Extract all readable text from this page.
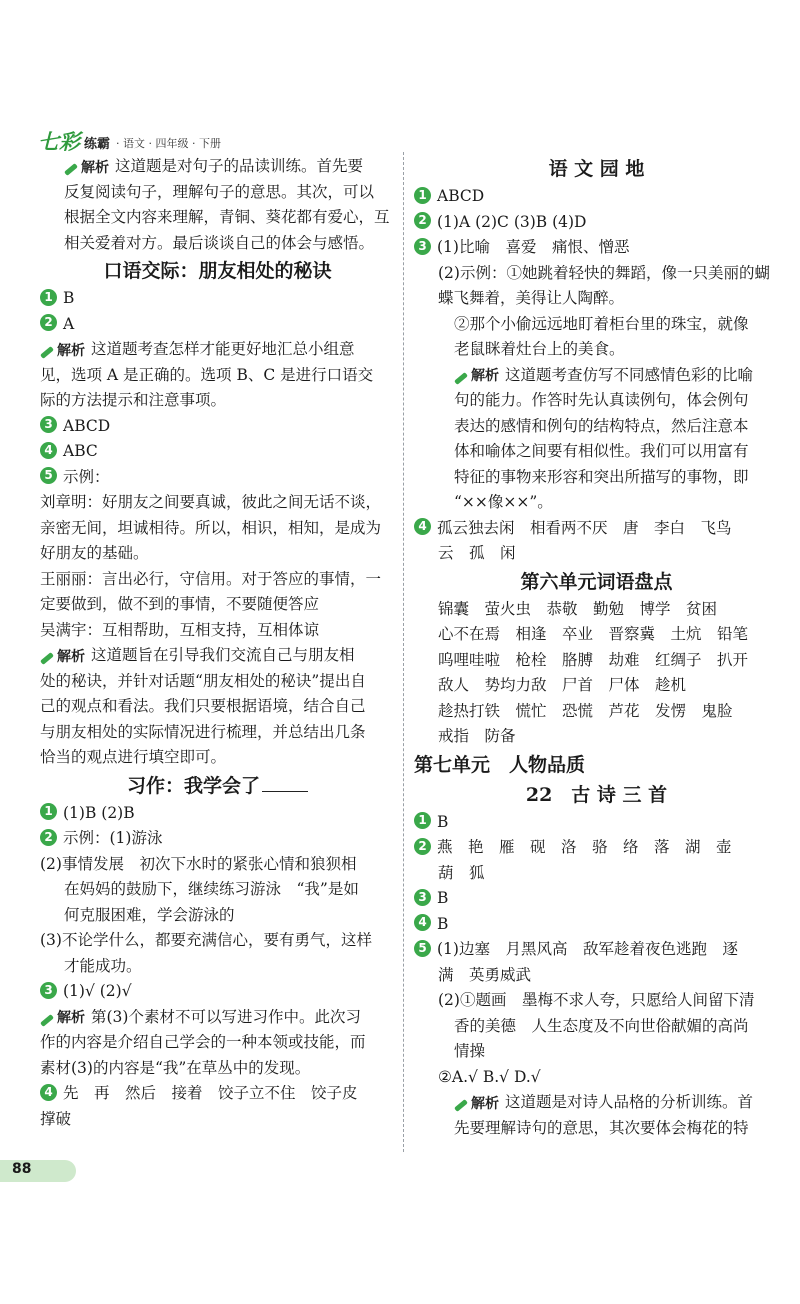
七彩 练霸 · 语文 · 四年级 · 下册
解析 这道题是对句子的品读训练。首先要
反复阅读句子，理解句子的意思。其次，可以
根据全文内容来理解，青铜、葵花都有爱心，互
相关爱着对方。最后谈谈自己的体会与感悟。
口语交际：朋友相处的秘诀
1 B
2 A
解析 这道题考查怎样才能更好地汇总小组意
见，选项 A 是正确的。选项 B、C 是进行口语交
际的方法提示和注意事项。
3 ABCD
4 ABC
5 示例：
刘章明：好朋友之间要真诚，彼此之间无话不谈，
亲密无间，坦诚相待。所以，相识，相知，是成为
好朋友的基础。
王丽丽：言出必行，守信用。对于答应的事情，一
定要做到，做不到的事情，不要随便答应
吴满宇：互相帮助，互相支持，互相体谅
解析 这道题旨在引导我们交流自己与朋友相
处的秘诀，并针对话题“朋友相处的秘诀”提出自
己的观点和看法。我们只要根据语境，结合自己
与朋友相处的实际情况进行梳理，并总结出几条
恰当的观点进行填空即可。
习作：我学会了
1 (1)B (2)B
2 示例：(1)游泳
(2)事情发展　初次下水时的紧张心情和狼狈相
在妈妈的鼓励下，继续练习游泳　“我”是如
何克服困难，学会游泳的
(3)不论学什么，都要充满信心，要有勇气，这样
才能成功。
3 (1)√ (2)√
解析 第(3)个素材不可以写进习作中。此次习
作的内容是介绍自己学会的一种本领或技能，而
素材(3)的内容是“我”在草丛中的发现。
4 先　再　然后　接着　饺子立不住　饺子皮
撑破
语 文 园 地
1 ABCD
2 (1)A (2)C (3)B (4)D
3 (1)比喻　喜爱　痛恨、憎恶
(2)示例：①她跳着轻快的舞蹈，像一只美丽的蝴
蝶飞舞着，美得让人陶醉。
②那个小偷远远地盯着柜台里的珠宝，就像
老鼠眯着灶台上的美食。
解析 这道题考查仿写不同感情色彩的比喻
句的能力。作答时先认真读例句，体会例句
表达的感情和例句的结构特点，然后注意本
体和喻体之间要有相似性。我们可以用富有
特征的事物来形容和突出所描写的事物，即
“××像××”。
4 孤云独去闲　相看两不厌　唐　李白　飞鸟
云　孤　闲
第六单元词语盘点
锦囊　萤火虫　恭敬　勤勉　博学　贫困
心不在焉　相逢　卒业　晋察冀　土炕　铅笔
呜哩哇啦　枪栓　胳膊　劫难　红绸子　扒开
敌人　势均力敌　尸首　尸体　趁机
趁热打铁　慌忙　恐慌　芦花　发愣　鬼脸
戒指　防备
第七单元　人物品质
22　古 诗 三 首
1 B
2 燕　艳　雁　砚　洛　骆　络　落　湖　壶
葫　狐
3 B
4 B
5 (1)边塞　月黑风高　敌军趁着夜色逃跑　逐
满　英勇威武
(2)①题画　墨梅不求人夸，只愿给人间留下清
香的美德　人生态度及不向世俗献媚的高尚
情操
②A.√ B.√ D.√
解析 这道题是对诗人品格的分析训练。首
先要理解诗句的意思，其次要体会梅花的特
88
